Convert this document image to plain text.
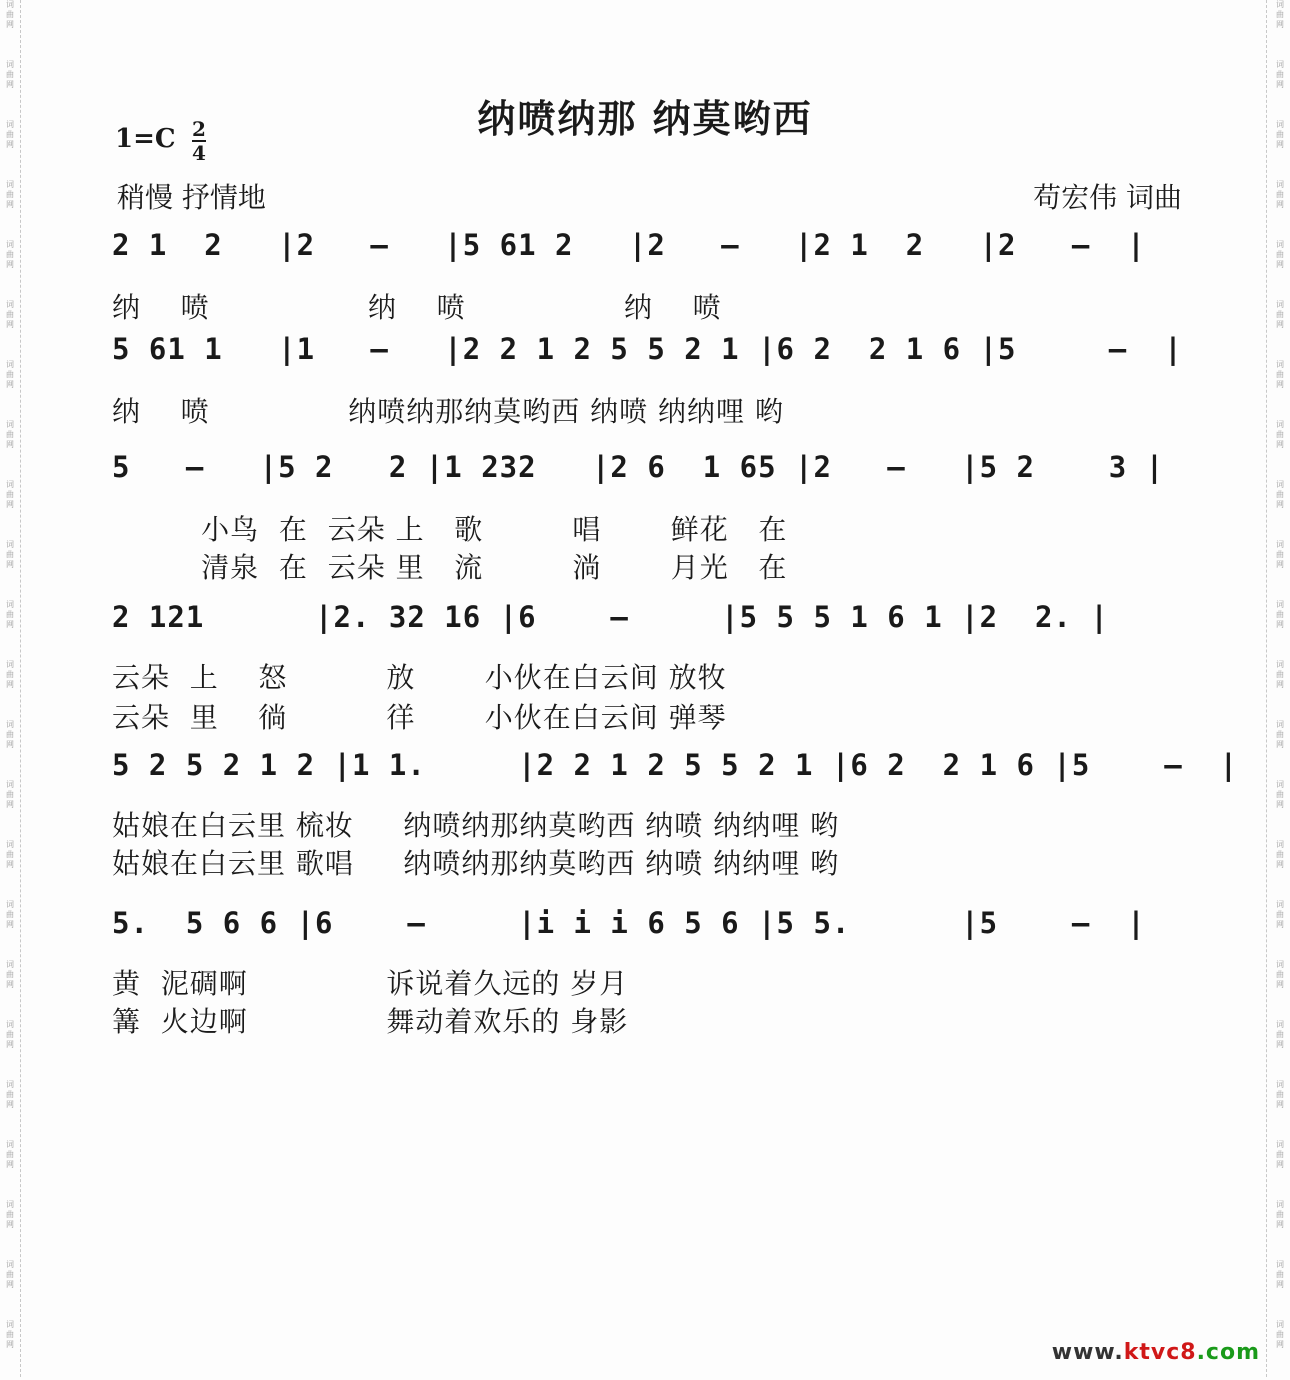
词
曲
网
词
曲
网
词
曲
网
词
曲
网
词
曲
网
词
曲
网
词
曲
网
词
曲
网
词
曲
网
词
曲
网
词
曲
网
词
曲
网
词
曲
网
词
曲
网
词
曲
网
词
曲
网
词
曲
网
词
曲
网
词
曲
网
词
曲
网
词
曲
网
词
曲
网
词
曲
网
词
曲
网
词
曲
网
词
曲
网
词
曲
网
词
曲
网
词
曲
网
词
曲
网
词
曲
网
词
曲
网
词
曲
网
词
曲
网
词
曲
网
词
曲
网
词
曲
网
词
曲
网
词
曲
网
词
曲
网
词
曲
网
词
曲
网
词
曲
网
词
曲
网
词
曲
网
词
曲
网
纳喷纳那 纳莫哟西
1=C 2
4
稍慢 抒情地	苟宏伟 词曲
2 1  2   |2   –   |5 61 2   |2   –   |2 1  2   |2   –  |
纳    喷                纳    喷                纳    喷
5 61 1   |1   –   |2 2 1 2 5 5 2 1 |6 2  2 1 6 |5     –  |
纳    喷              纳喷纳那纳莫哟西 纳喷 纳纳哩 哟
5   –   |5 2   2 |1 232   |2 6  1 65 |2   –   |5 2    3 |
小鸟  在  云朵 上   歌         唱       鲜花   在
清泉  在  云朵 里   流         淌       月光   在
2 121      |2. 32 16 |6    –     |5 5 5 1 6 1 |2  2. |
云朵  上    怒          放       小伙在白云间 放牧
云朵  里    徜          徉       小伙在白云间 弹琴
5 2 5 2 1 2 |1 1.     |2 2 1 2 5 5 2 1 |6 2  2 1 6 |5    –  |
姑娘在白云里 梳妆     纳喷纳那纳莫哟西 纳喷 纳纳哩 哟
姑娘在白云里 歌唱     纳喷纳那纳莫哟西 纳喷 纳纳哩 哟
5.  5 6 6 |6    –     |i i i 6 5 6 |5 5.      |5    –  |
黄  泥碉啊              诉说着久远的 岁月
篝  火边啊              舞动着欢乐的 身影
www.ktvc8.com
